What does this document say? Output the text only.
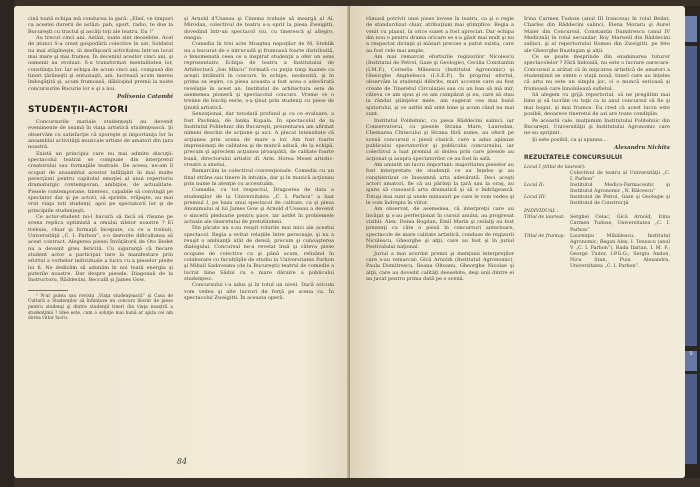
cină toată echipa mă conducea la gară: „Eheï, ce timpuri ca acestei durerii de astăzi: pah, sport, radio, te due la Bucureşti cu tractul şi ascăţi toţi ale teatru. Da !”

Au trecut cinci ani. Astăzi, toate sint deosebite. Acel de atunci S-a creat gospodării colective în sat. Soldatul nu mai stăpîneşte, iii desfăşoară activitatea într-un local mai mare şi mai frumos. În deceniul acestor cinci ani, şi oamenii au evoluat. S-a transformat mentalitatea lor, constiinţa lor. Iar echipa de acum cinci ani, compusă din tineri ţărăneşti şi entuziaşti, ani, lucrează acum mereu îmbogăţită şi, acum frumoasă, dăbloşind premii la noste concursurile Bucurie lor e şi a noi.

Polixenia Catambi
STUDENŢII-ACTORI

Concursurile mariale studenţeşti au devenit evenimente de seamă în viaţa artistică studenţească. Şi observăm cu satisfacţie că sporeşte şi importanţa lor în ansamblul activităţii muzicale artiste de amatori din ţara noastră.

Există un principiu care nu mai admite discuţii: spectacolul teatral se compune din interpretul creatorului sau formaţiile teatrale. De aceea, ne-am îl ocupat de ansamblul acestor înfăţişări în mai multe perecţiuni pentru capitolul emoţiei al unui repertoriu dramaturgic contemporan, ambiţios, de actualitate. Piesele contemporane, tineresc, capabile să convingă pe spectator dar şi pe actori, să sprinte, vrăjeşte, au mai vrut viaţa toti studenţi, apoi pe spectatorii lor şi de principiile studenţeşti.

Ce actor-student nu-l bucură să facă să râsune pe scena replica optimistă a omului zilelor noastre ? Ei trebuie, chiar şi formaţii începute, cu ce a trebuit, Universităţii „C. I. Parhon”, s-o dezvolte dificultatea să acest contract. Alegerea piesei Învăţătorii de Oto Bedet nu a devenit greu fericită. Cu siguranţă că fiecare student actor a participat tare la manifestare prin efortul a vorbelor individuale a lucra cu a pieselor pleite lui fi. Ne dedicăm să adunăm în noi toată energia şi puterile noastre. Dar despre piesele, Diagonali de la Instructoru, Răddecini, Beccalli şi James Gow.

¹ N-ar putea sau revista „Viaţa studenţească” şi Casa de Cultură a Studenţilor să înfiinţeze un concurs literar de piese pentru studenţi şi dintre studenţii tineri din viaţa noastră a studenţimii ? Idee este, cum o soluţie mai bună ar ajuta cei am dorea viitor lucru.

şi Arnold d'Usseau şi Cinema trebuie să meargă al Al. Mirodan, colectivul de teatru s-a oprit la piesa Zweigitti, dovedind într-un spectacol viu, cu tinerescă şi allegro, enegia.

Comedia în trei acte Moaştea nepoţilor de M. Stehlik nu a bucurat de o intrucudă şi frumoasă foarte distribuită, o fenomenată ceea ce a inspirat studenţii a ofer un sens reprezentativ. Echipa de teatru a Institutului de Arhitectură „Ion Mincu” formată cu puţin timp înainte ca aceşti întâlnirii în concurs, în echipe, neobosită, şi în prima sa ieşire, ca piesa aceasta a fost acea o adevărată revelaţie în acest an. Institutul de arhitectura este de asemenea pioneră şi spectacolul concurs. Vreme ce o treime de bucăţi eerie, s-a ţinut prin studenţi cu piese de ţinută artistică.

Senzaţional, dar totodată profund şi cu ce evaluare, a fost Pavlinka, de Ianka Kupala. În spectacolul de la Institutul Politehnic din Bucureşti, prezentarea am afirmat nimeni deschis de acţiune şi aici. A plecat intensitate că acţiunea prin scena de mare a lor. Am fost foarte impresionaţi de calitatea şi de muncă adusă, de la echipă, precum şi apreciem acţiunea proaspătă, de calitate foarte bună, directorului artistic dl. Arm. Horea Mesei artistic-creativ a sinelui.

Remarcăm la colectivul convenţionale. Comedia cu un final strâns sau tinere în intuiţia, dar şi în muzică acţionau prin nume în atenţie cu accentuăm.

Comedie, cu tot respectul, Dragostea de data a studenţilor de la Universitatea „C. I. Parhon” a luat premiul I, pe baza unui spectacol de calitate, ca şi piesa Anonimului al lui James Gow şi Arnold d'Usseau a devenit o sinceră pledoarie pentru pace, iar astfel în problemele actuale ale tineretului de pretutindeni.

Din păcate nu s-au reuşit rolurile mai mici ale acestui spectacol. Regia a evitat relaţiile între personaje, şi nu a reuşit o ambianţă atât de densă, precum şi cunoaşterea dialogului. Concursul ne-a revelat însă şi câteva piese ocupate de colective ca şi până acum, relizând în colaborare cu facultăţile de studiu la Universitatea Parhon şi Mihail Sadoveanu (de la Bucureşti) teatrul de comedie a lucrat bine Sădui cu o mare dăruire a publicului studenţesc.

Concursului i-a adus şi în totul un nivel. Dacă oricum vom vedea şi alte lucruri de forţă pe scena ca. În spectacolul Zweigitti. În aceasta operă.

84

rămasă potrivit unei piese lovese în teatru, ca şi o regie de standardizat chiar, atribuţiuni mai ştiinţifice. Regia a venit cu planul, la orice sunet a fost apreciat. Dar echipa din nou o pentru drama oricare se s-a găsit mai mult şi nu a respectat dictaţii şi măsuri precise a putut exista, care au fost cele mai ample.

Am mai remarcat eforturile regizorilor Nicolescu (Institutul de Petrol, Gaze şi Geologie), Cecilia Constantin (I.M.F.), Corneliu Mănescu (Institutul Agronomic) şi Gheorghe Anghelescu (I.S.E.P.). În propriul efortul, observăm la studenţii diferite, mari accente care au fost create de Tineretul Circulaţiei sau cu un ban să mă mir, câteva ce am spus şi ce am cumpărat şi eu, care să stau la rândul ştiinţelor mele, am sugerat cea mai bună ajutorului, şi ce astfel mă simt bine şi acum când nu mai sunt.

Institutul Politehnic, cu piesa Răddecini salinci, iar Conservatorul, cu piesele Strana Mare, Lauredan, Chemarea Cîntecului şi Strana fără nume, au oferit pe scenă concursul o piesă clasică, care a adus aplauze publicului spectatorilor şi publicului concursului, iar colectivul a luat premiul al doilea prin care piesele au acţionat şi asupra spectatorilor ce au fost în sală.

Am amintit un lucru important: majoritatea pieselor au fost interpretate de studenţii ce au înţeles şi au conştientizat ce înseamnă arta adevărată. Deci aceşti actori amatori, fie că au părinţi la ţară sau la oraş, au ajuns să cunoască arta dramatică şi să o îndrăgească. Totuşi mai sunt şi unele minusuri pe care le vom vedea şi le vom îndrepta în viitor.

Am observat, de asemenea, că interpreţii care au învăţat şi s-au perfecţionat în cursul anului, au progresat vizibil: Alex. Doina Bogdan, Emil Marin şi ceilalţi au fost prezenţi cu câte o piesă în concursuri anterioare, spectacole de mare calitate artistică, conduse de regizorii Niculescu, Gheorghe şi alţii, care au fost şi în juriul Festivalului naţional.

Juriul a mai acordat premii şi menţiuni interpreţilor care s-au remarcat: Gică Arnoldi (Institutul Agronomic), Paula Dumitrescu, Ileana Olteanu, Gheorghe Nicolae şi alţii, care au dovedit calităţi deosebite, deşi unii dintre ei au jucat pentru prima dată pe o scenă.

Irina Carmen Tudose (anul III Iranceza) în rolul Beilet, Charles din Răddecini salinci, Elena Moraru şi Aurel Maier din Concursul, Constantin Dumitrescu (anul IV Medicină) în rolul secundar, Roy Marwell din Răddecini salinci, şi al repertoriului Romeo din Zweigitti, pe fete ale Gheorghe Buzdugan şi alţii.

Ce se poate desprinde din examinarea tuturor spectacolelor ? Fără îndoială, nu este o lucrare oarecare. Concursul a arătat că în mişcarea artistică de amatori a studenţimii se simte o viaţă nouă, tineri care au înţeles că arta nu este un simplu joc, ci o muncă serioasă şi frumoasă care înnobilează sufletul.

Să alegem cu grijă repertoriul, să ne pregătim mai bine şi să lucrăm cu toţii ca la anul concursul să fie şi mai bogat, şi mai frumos. Eu cred că acest lucru este posibil, deoarece tineretul de azi are toate condiţiile.

Pe această cale, mulţumim Institutului Politehnic din Bucureşti, Universităţii şi Institutului Agronomic care ne-au sprijinit.

Şi este posibil, ca şi spunea...

Alexandru Nichita
REZULTATELE CONCURSULUI
Locul I (titlul de laureat):
Colectivul de teatru al Universităţii „C. I. Parhon”
Locul II:	Institutul Medico-Farmaceutic şi Institutul Agronomic „N. Bălcescu”
Locul III:	Institutul de Petrol, Gaze şi Geologie şi Institutul de Construcţii
INDIVIDUAL :
Titlul de laureat:	Serghei Celac, Gică Arnold, Irina Carmen Tudose, Universitatea „C. I. Parhon”
Titlul de fruntaş:	Laurenţiu Mihăilescu, Institutul Agronomic; Regan Alex, I. Tenescu (anul V „C. I. Parhon”), Radu Ilarian, I. M. F.; George Tudor, I.P.G.G.; Sergiu Andon, Nicu Stan, Puiu Alexandru, Universitatea „C. I. Parhon”.
9
